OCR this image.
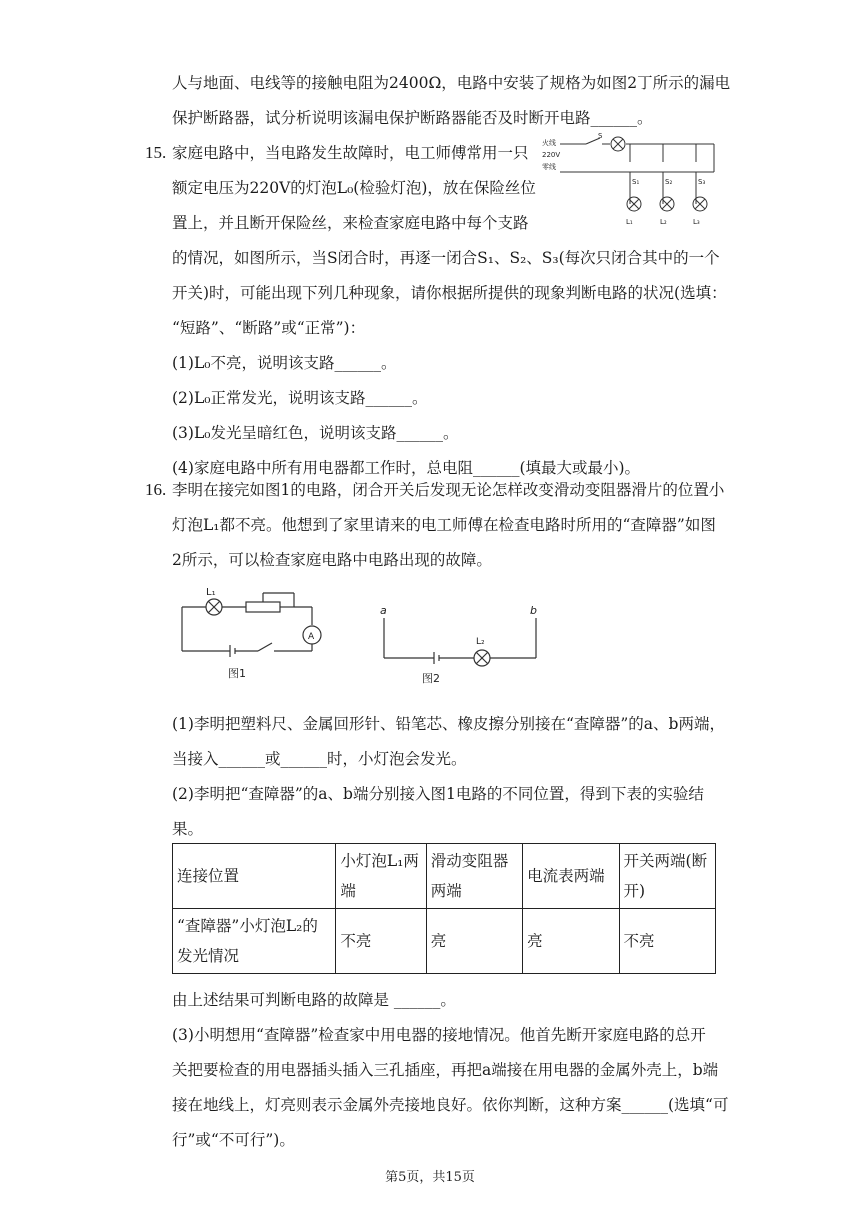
人与地面、电线等的接触电阻为2400Ω，电路中安装了规格为如图2丁所示的漏电
保护断路器，试分析说明该漏电保护断路器能否及时断开电路______。
15. 家庭电路中，当电路发生故障时，电工师傅常用一只
额定电压为220V的灯泡L₀(检验灯泡)，放在保险丝位
置上，并且断开保险丝，来检查家庭电路中每个支路
的情况，如图所示，当S闭合时，再逐一闭合S₁、S₂、S₃(每次只闭合其中的一个
开关)时，可能出现下列几种现象，请你根据所提供的现象判断电路的状况(选填：
“短路”、“断路”或“正常”)：
(1)L₀不亮，说明该支路______。
(2)L₀正常发光，说明该支路______。
(3)L₀发光呈暗红色，说明该支路______。
(4)家庭电路中所有用电器都工作时，总电阻______(填最大或最小)。
火线
220V
零线
S
S₁	S₂	S₃
L₁	L₂	L₃
16. 李明在接完如图1的电路，闭合开关后发现无论怎样改变滑动变阻器滑片的位置小
灯泡L₁都不亮。他想到了家里请来的电工师傅在检查电路时所用的“查障器”如图
2所示，可以检查家庭电路中电路出现的故障。
L₁
A
图1
a	b
L₂
图2
(1)李明把塑料尺、金属回形针、铅笔芯、橡皮擦分别接在“查障器”的a、b两端，
当接入______或______时，小灯泡会发光。
(2)李明把“查障器”的a、b端分别接入图1电路的不同位置，得到下表的实验结
果。
连接位置	小灯泡L₁两端	滑动变阻器两端	电流表两端	开关两端(断开)
“查障器”小灯泡L₂的发光情况	不亮	亮	亮	不亮
由上述结果可判断电路的故障是 ______。
(3)小明想用“查障器”检查家中用电器的接地情况。他首先断开家庭电路的总开
关把要检查的用电器插头插入三孔插座，再把a端接在用电器的金属外壳上，b端
接在地线上，灯亮则表示金属外壳接地良好。依你判断，这种方案______(选填“可
行”或“不可行”)。
第5页，共15页
